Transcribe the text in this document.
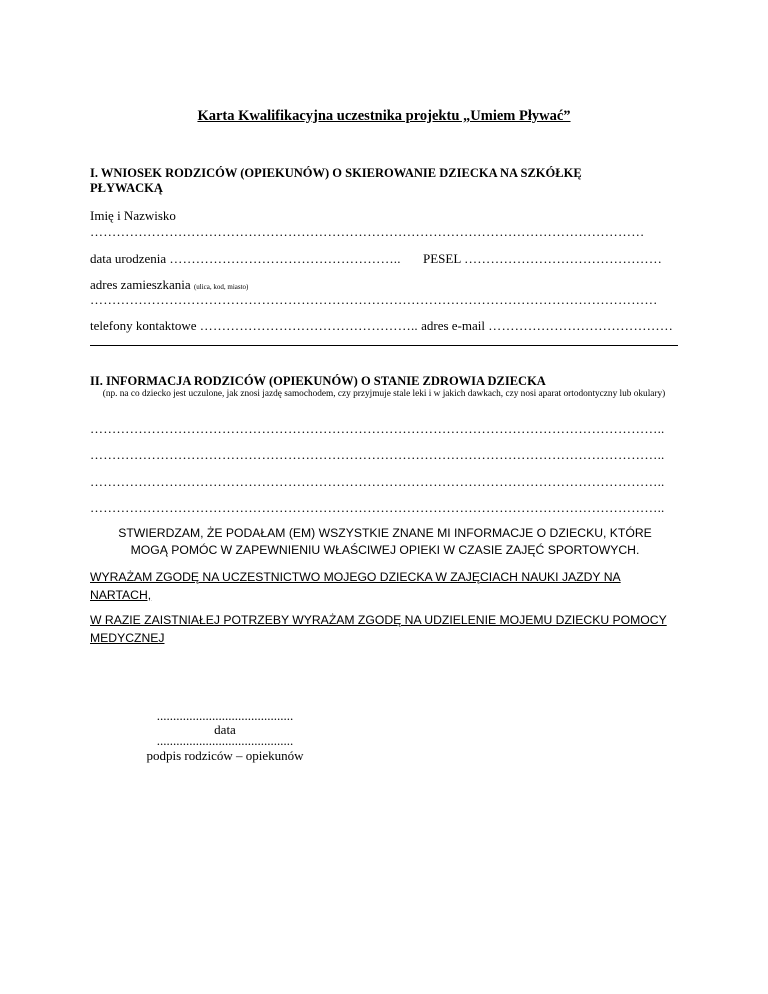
Karta Kwalifikacyjna uczestnika projektu „Umiem Pływać”
I. WNIOSEK RODZICÓW (OPIEKUNÓW) O SKIEROWANIE DZIECKA NA SZKÓŁKĘ PŁYWACKĄ
Imię i Nazwisko
………………………………………………………………………………………………………………
data urodzenia …………………………………………….. PESEL ………………………………………
adres zamieszkania (ulica, kod, miasto)
…………………………………………………………………………………………………………………
telefony kontaktowe ………………………………………….. adres e-mail ……………………………………
II. INFORMACJA RODZICÓW (OPIEKUNÓW) O STANIE ZDROWIA DZIECKA
(np. na co dziecko jest uczulone, jak znosi jazdę samochodem, czy przyjmuje stale leki i w jakich dawkach, czy nosi aparat ortodontyczny lub okulary)
…………………………………………………………………………………………………………………..
…………………………………………………………………………………………………………………..
…………………………………………………………………………………………………………………..
…………………………………………………………………………………………………………………..
STWIERDZAM, ŻE PODAŁAM (EM) WSZYSTKIE ZNANE MI INFORMACJE O DZIECKU, KTÓRE MOGĄ POMÓC W ZAPEWNIENIU WŁAŚCIWEJ OPIEKI W CZASIE ZAJĘĆ SPORTOWYCH.
WYRAŻAM ZGODĘ NA UCZESTNICTWO MOJEGO DZIECKA W ZAJĘCIACH NAUKI JAZDY NA NARTACH,
W RAZIE ZAISTNIAŁEJ POTRZEBY WYRAŻAM ZGODĘ NA UDZIELENIE MOJEMU DZIECKU POMOCY MEDYCZNEJ
..........................................
data
..........................................
podpis rodziców – opiekunów
